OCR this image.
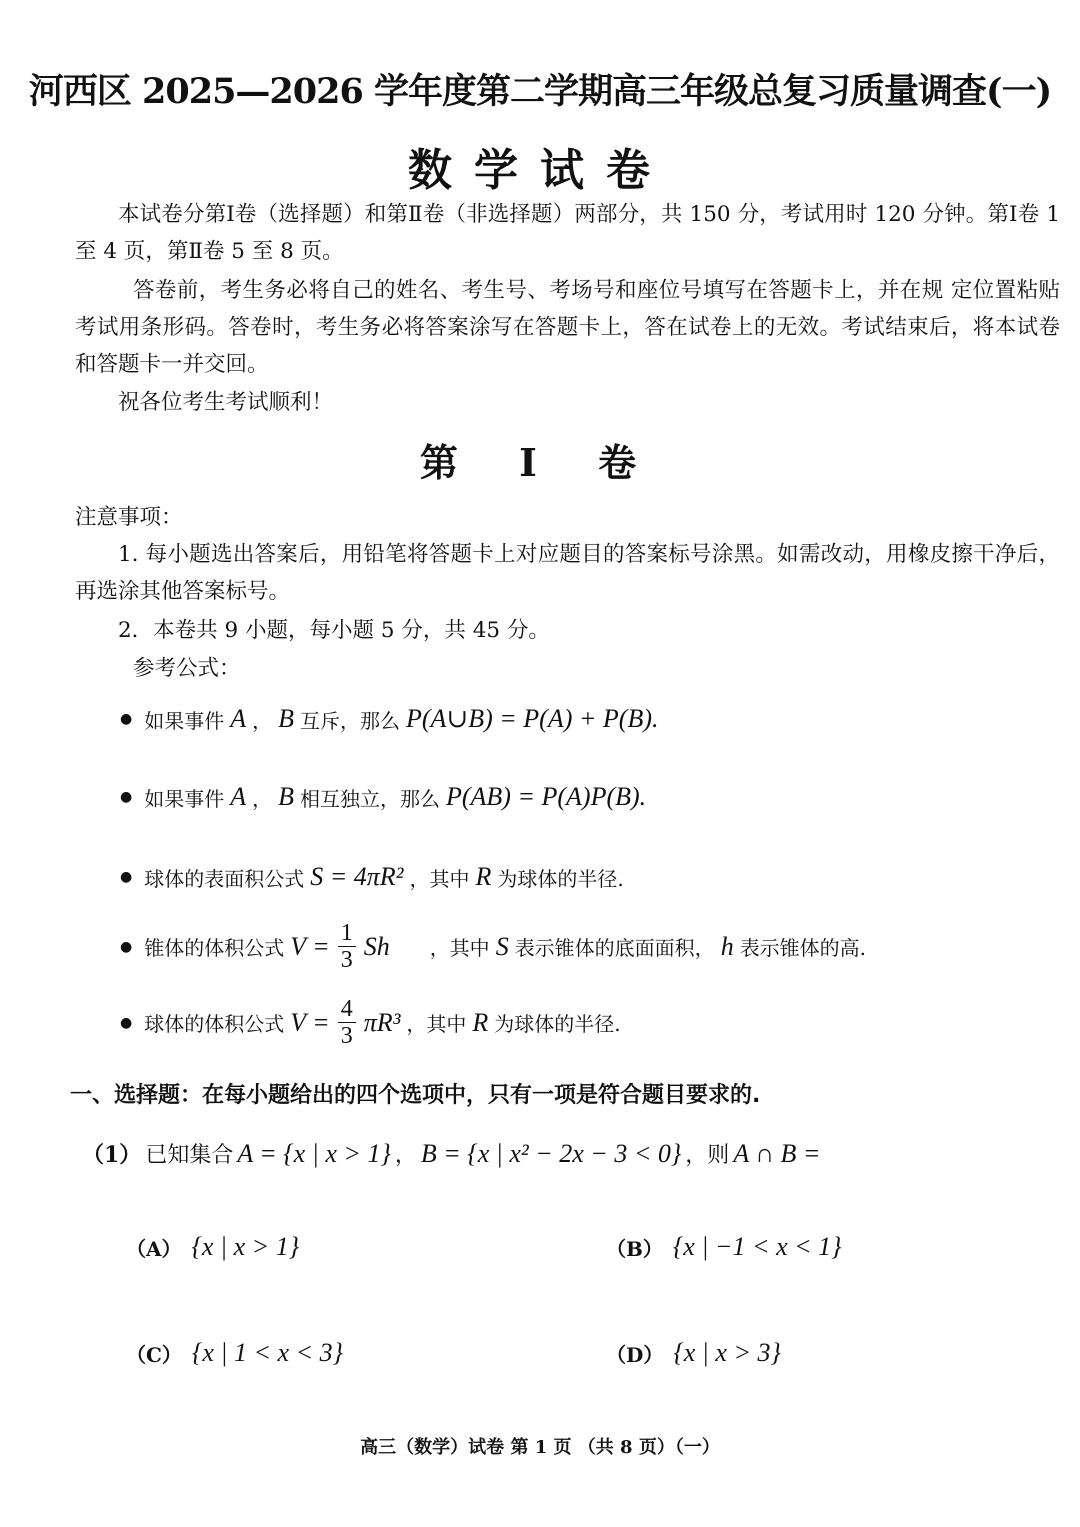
河西区 2025—2026 学年度第二学期高三年级总复习质量调查(一)
数学试卷
本试卷分第Ⅰ卷（选择题）和第Ⅱ卷（非选择题）两部分，共 150 分，考试用时 120 分钟。第Ⅰ卷 1 至 4 页，第Ⅱ卷 5 至 8 页。
答卷前，考生务必将自己的姓名、考生号、考场号和座位号填写在答题卡上，并在规 定位置粘贴考试用条形码。答卷时，考生务必将答案涂写在答题卡上，答在试卷上的无效。考试结束后，将本试卷和答题卡一并交回。
祝各位考生考试顺利！
第 Ⅰ 卷
注意事项：
1. 每小题选出答案后，用铅笔将答题卡上对应题目的答案标号涂黑。如需改动，用橡皮擦干净后，再选涂其他答案标号。
2．本卷共 9 小题，每小题 5 分，共 45 分。
参考公式：
● 如果事件 A ， B 互斥，那么 P(A∪B) = P(A) + P(B).
● 如果事件 A ， B 相互独立，那么 P(AB) = P(A)P(B).
● 球体的表面积公式 S = 4πR² ，其中 R 为球体的半径.
● 锥体的体积公式 $V = \frac{1}{3}$ Sh ，其中 S 表示锥体的底面面积， h 表示锥体的高.
● 球体的体积公式 $V = \frac{4}{3} \pi R^3$ ，其中 R 为球体的半径.
一、选择题：在每小题给出的四个选项中，只有一项是符合题目要求的.
（1） 已知集合 A = {x | x > 1} ， B = {x | x² − 2x − 3 < 0} ，则 A ∩ B =
（A） {x | x > 1}	（B） {x | −1 < x < 1}
（C） {x | 1 < x < 3}	（D） {x | x > 3}
高三（数学）试卷 第 1 页 （共 8 页）（一）
